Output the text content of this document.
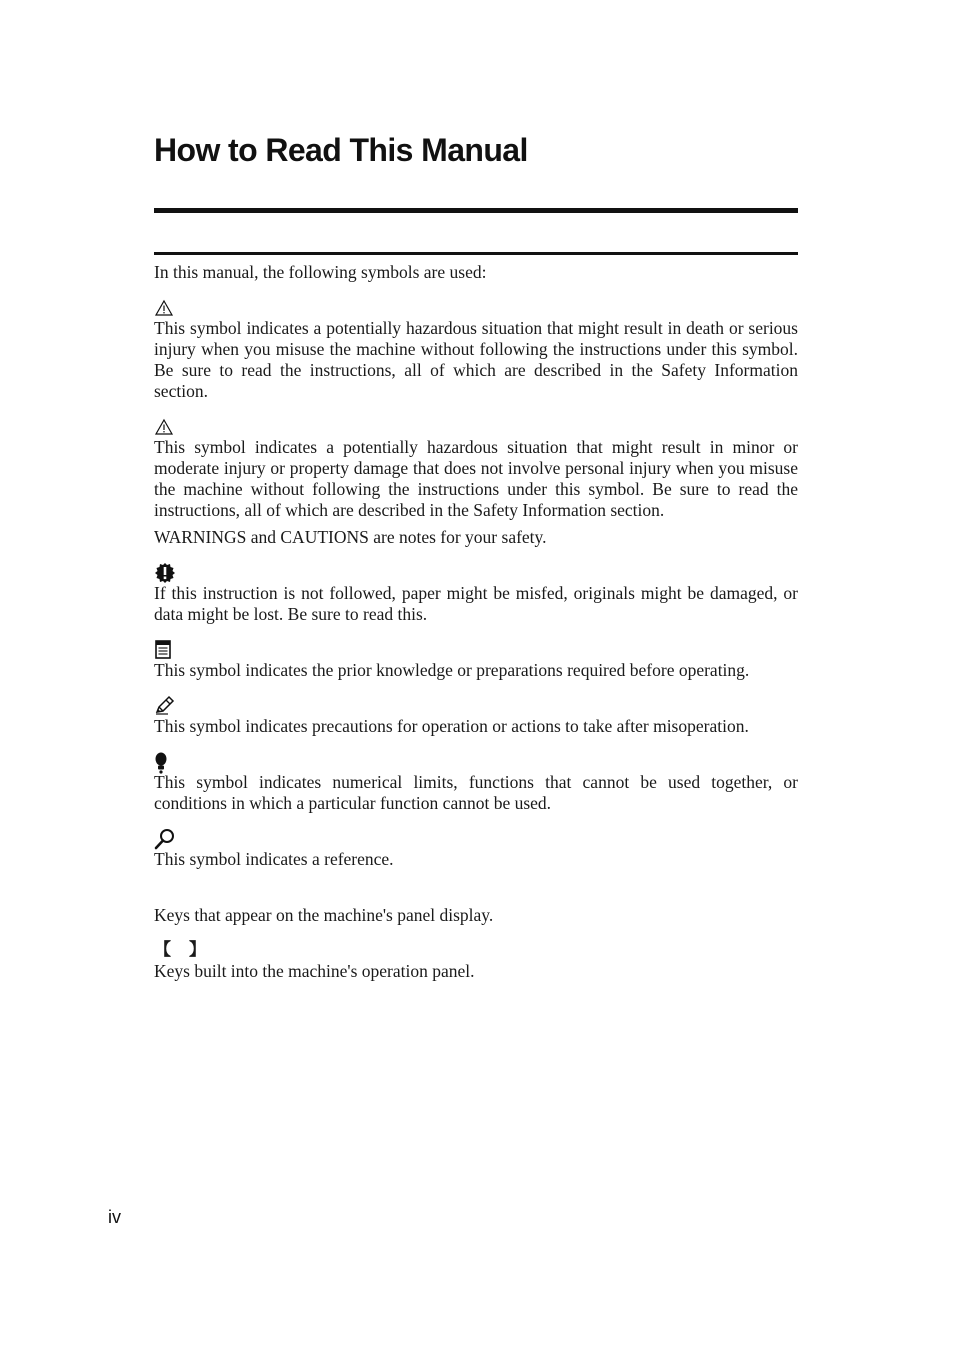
How to Read This Manual

In this manual, the following symbols are used:

This symbol indicates a potentially hazardous situation that might result in death or serious injury when you misuse the machine without following the instructions under this symbol. Be sure to read the instructions, all of which are described in the Safety Information section.

This symbol indicates a potentially hazardous situation that might result in minor or moderate injury or property damage that does not involve personal injury when you misuse the machine without following the instructions under this symbol. Be sure to read the instructions, all of which are described in the Safety Information section.

WARNINGS and CAUTIONS are notes for your safety.

If this instruction is not followed, paper might be misfed, originals might be damaged, or data might be lost. Be sure to read this.

This symbol indicates the prior knowledge or preparations required before operating.

This symbol indicates precautions for operation or actions to take after misoperation.

This symbol indicates numerical limits, functions that cannot be used together, or conditions in which a particular function cannot be used.

This symbol indicates a reference.

Keys that appear on the machine's panel display.

【 】

Keys built into the machine's operation panel.

iv
